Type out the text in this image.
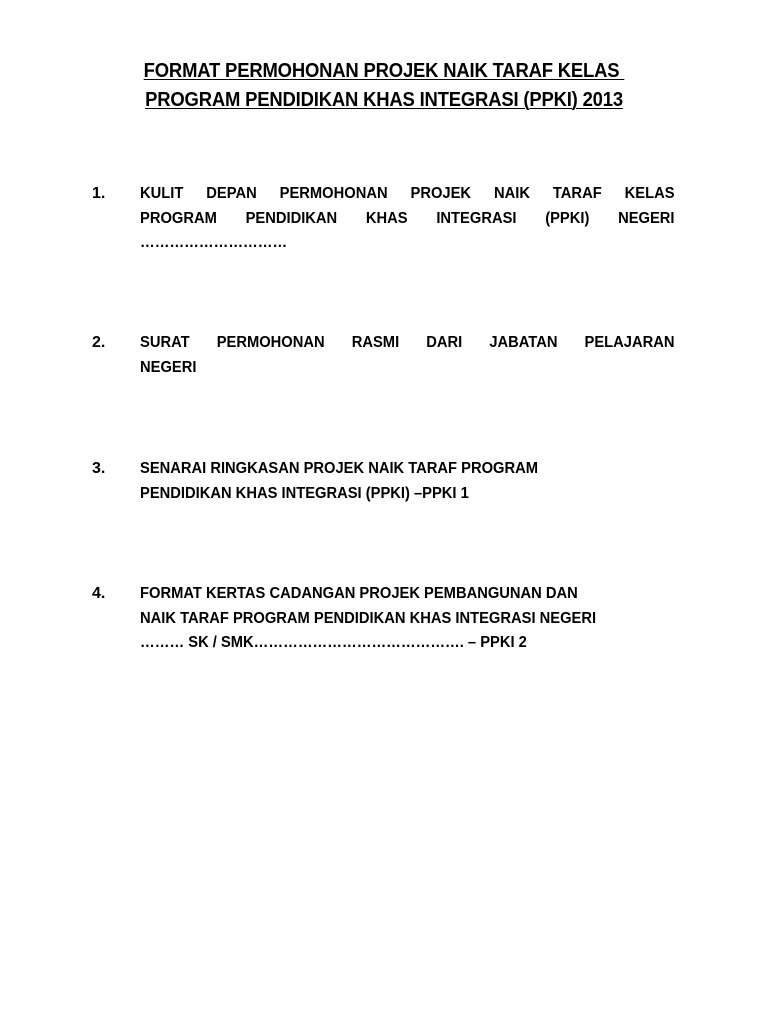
FORMAT PERMOHONAN PROJEK NAIK TARAF KELAS
PROGRAM PENDIDIKAN KHAS INTEGRASI (PPKI) 2013
1.	KULIT DEPAN PERMOHONAN PROJEK NAIK TARAF KELAS
PROGRAM PENDIDIKAN KHAS INTEGRASI (PPKI) NEGERI
…………………………
2.	SURAT PERMOHONAN RASMI DARI JABATAN PELAJARAN
NEGERI
3.	SENARAI RINGKASAN PROJEK NAIK TARAF PROGRAM
PENDIDIKAN KHAS INTEGRASI (PPKI) –PPKI 1
4.	FORMAT KERTAS CADANGAN PROJEK PEMBANGUNAN DAN
NAIK TARAF PROGRAM PENDIDIKAN KHAS INTEGRASI NEGERI
……… SK / SMK……………………………………. – PPKI 2
